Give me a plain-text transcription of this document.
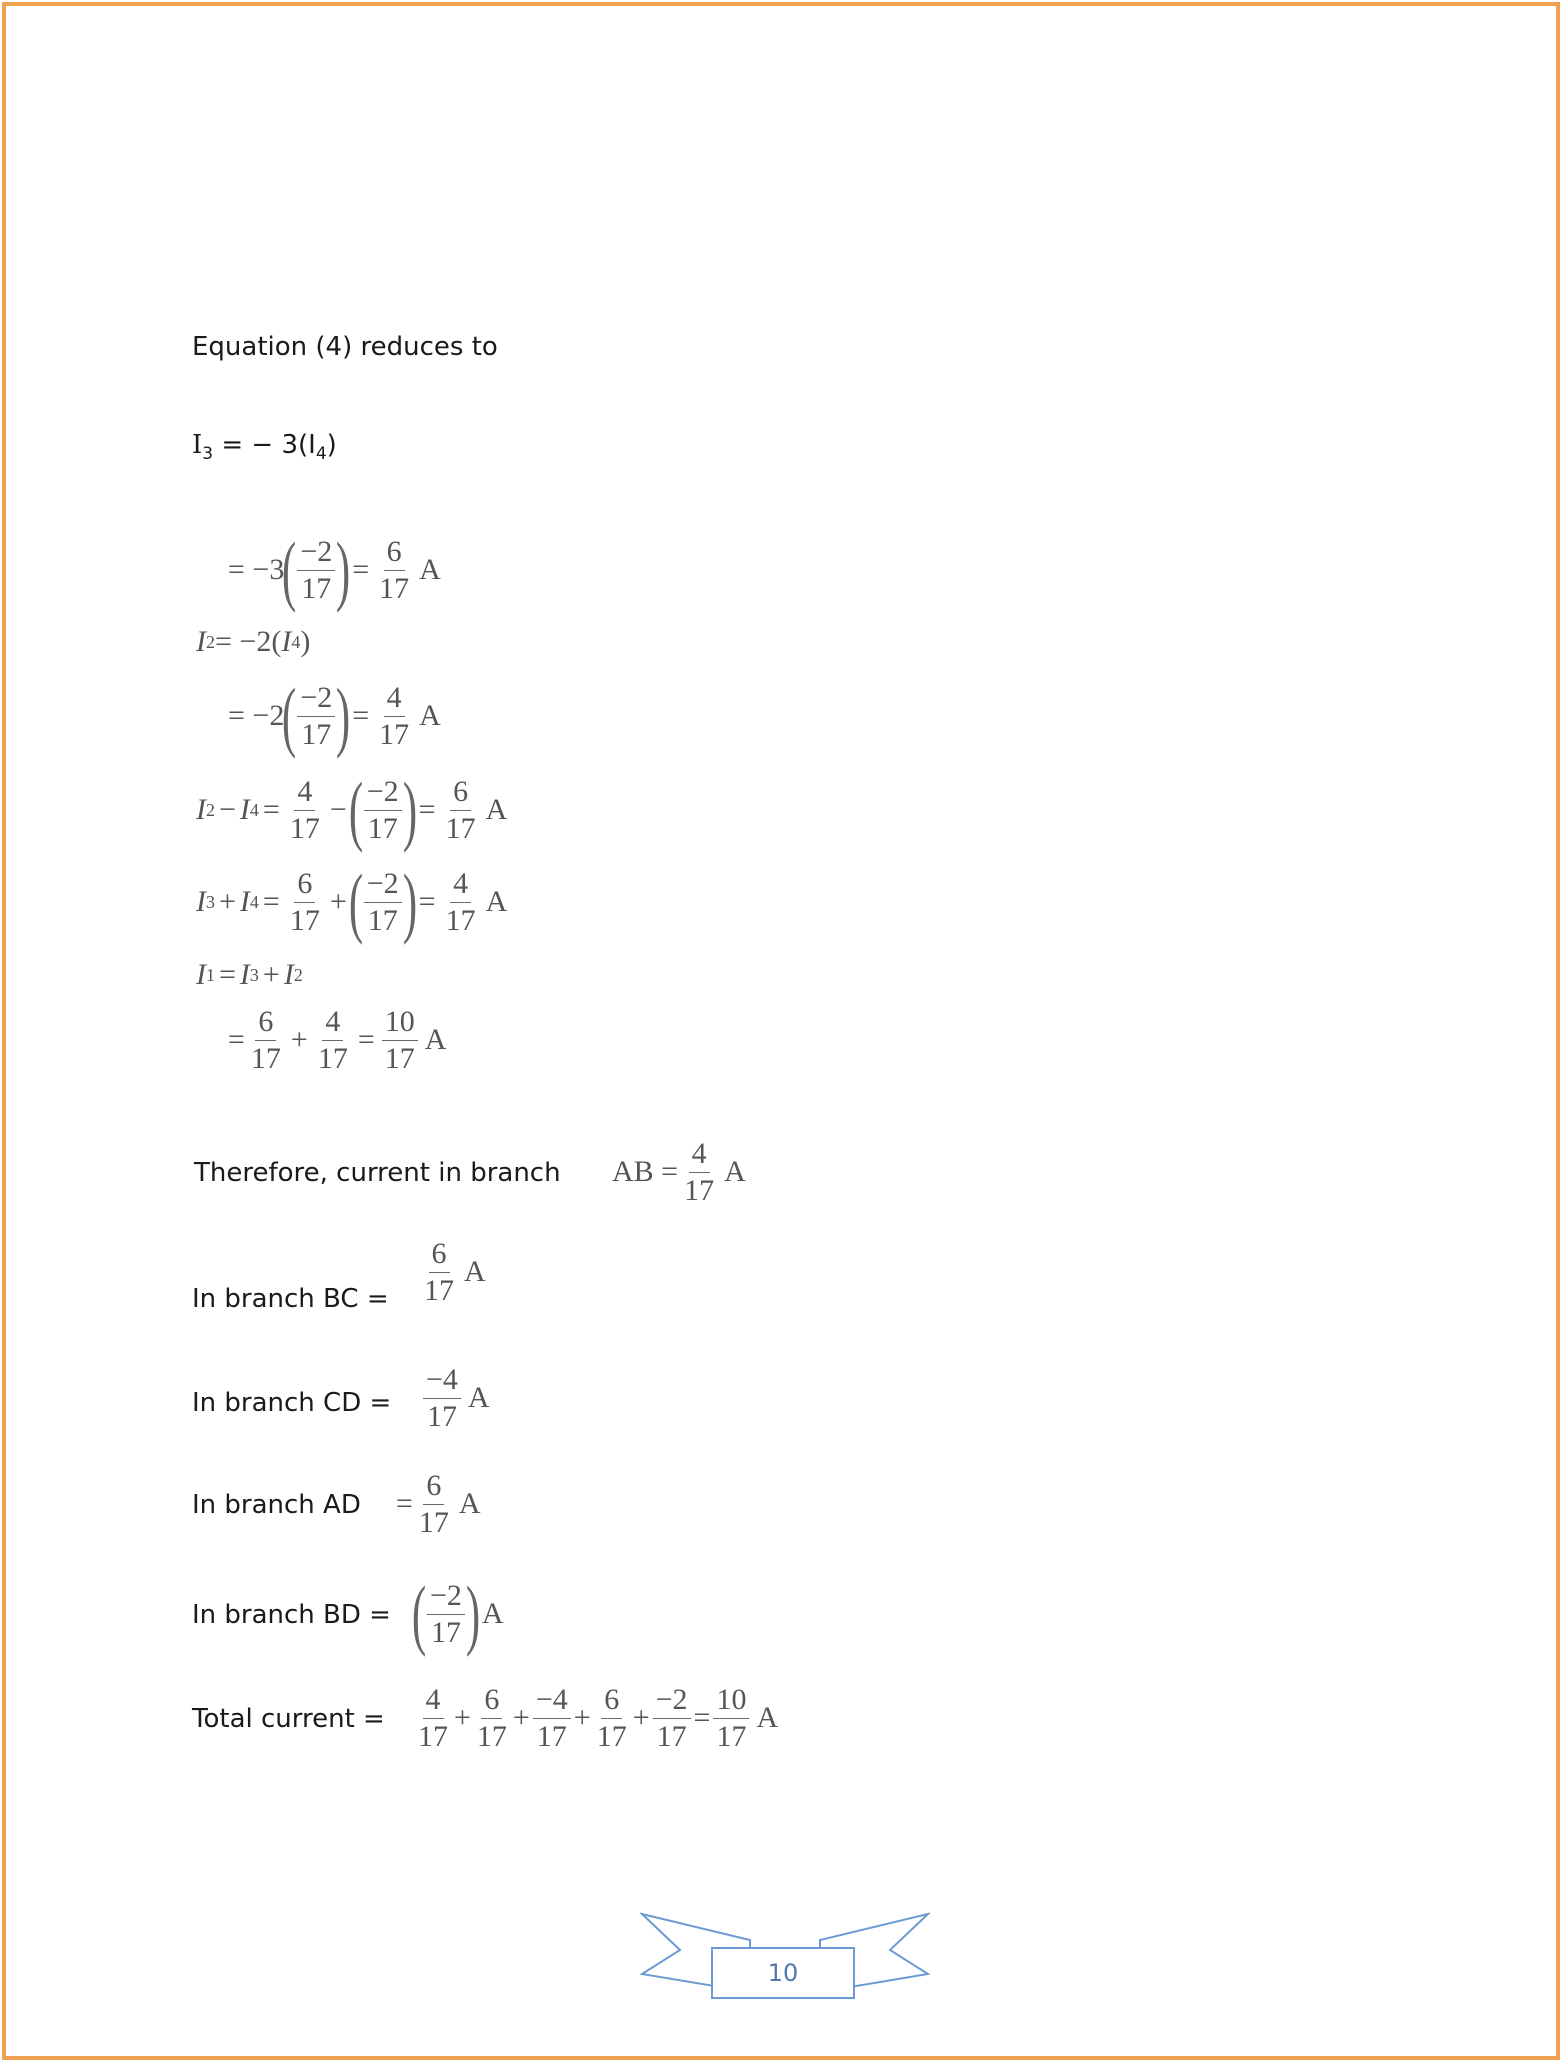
Equation (4) reduces to
$I_3$ = − $3(I_4)$
= −3
( $\frac{-2}{17}$ ) = $\frac{6}{17}$ A
I 2 = −2( I 4 )
= −2
( $\frac{-2}{17}$ ) = $\frac{4}{17}$ A
I 2 − I $4 = \frac{4}{17}$ − ( $\frac{-2}{17}$ ) = $\frac{6}{17}$ A
I 3 + I $4 = \frac{6}{17}$ + ( $\frac{-2}{17}$ ) = $\frac{4}{17}$ A
I 1 = I 3 + I 2
= $\frac{6}{17} + \frac{4}{17} = \frac{10}{17}$ A
Therefore, current in branch AB = $\frac{4}{17}$ A
In branch BC = $\frac{6}{17}$ A
In branch CD = $\frac{-4}{17}$ A
In branch AD = $\frac{6}{17}$ A
In branch BD = ( $\frac{-2}{17}$ ) A
Total current = $\frac{4}{17} + \frac{6}{17} + \frac{-4}{17} + \frac{6}{17} + \frac{-2}{17} = \frac{10}{17}$ A
10
